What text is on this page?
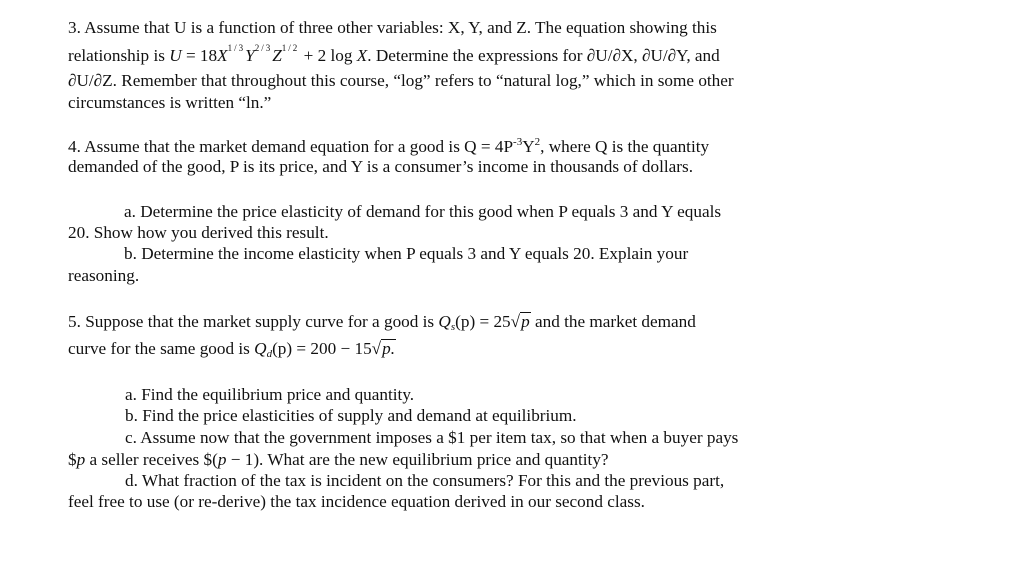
3. Assume that U is a function of three other variables: X, Y, and Z. The equation showing this
relationship is $U = 18X^{1/3}Y^{2/3}Z^{1/2} + 2$ log X. Determine the expressions for ∂U/∂X, ∂U/∂Y, and
∂U/∂Z. Remember that throughout this course, “log” refers to “natural log,” which in some other
circumstances is written “ln.”
4. Assume that the market demand equation for a good is $Q = 4P^{-3}Y^2$, where Q is the quantity
demanded of the good, P is its price, and Y is a consumer’s income in thousands of dollars.
a. Determine the price elasticity of demand for this good when P equals 3 and Y equals
20. Show how you derived this result.
b. Determine the income elasticity when P equals 3 and Y equals 20. Explain your
reasoning.
5. Suppose that the market supply curve for a good is $Q_s(p) = 25√p$ and the market demand
curve for the same good is $Q_d(p) = 200 - 15√p$.
a. Find the equilibrium price and quantity.
b. Find the price elasticities of supply and demand at equilibrium.
c. Assume now that the government imposes a $1 per item tax, so that when a buyer pays
$p a seller receives $(p − 1). What are the new equilibrium price and quantity?
d. What fraction of the tax is incident on the consumers? For this and the previous part,
feel free to use (or re-derive) the tax incidence equation derived in our second class.
